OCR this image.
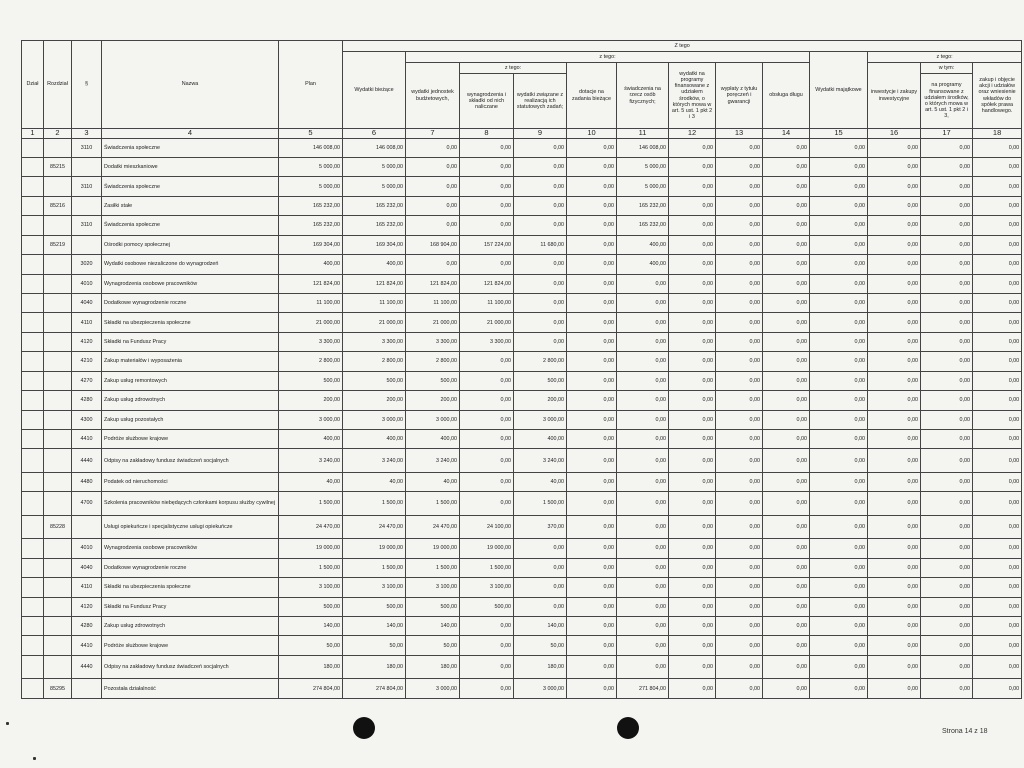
Dział	Rozdział	§	Nazwa	Plan	Z tego												
					Wydatki bieżące	z tego:								Wydatki majątkowe	z tego:		
						wydatki jednostek budżetowych,	z tego:		dotacje na zadania bieżące	świadczenia na rzecz osób fizycznych;	wydatki na programy finansowane z udziałem środków, o których mowa w art. 5 ust. 1 pkt 2 i 3	wypłaty z tytułu poręczeń i gwarancji	obsługa długu		inwestycje i zakupy inwestycyjne	w tym:	zakup i objęcie akcji i udziałów oraz wniesienie wkładów do spółek prawa handlowego.
							wynagrodzenia i składki od nich naliczane	wydatki związane z realizacją ich statutowych zadań;								na programy finansowane z udziałem środków, o których mowa w art. 5 ust. 1 pkt 2 i 3,	
1	2	3	4	5	6	7	8	9	10	11	12	13	14	15	16	17	18
		3110	Świadczenia społeczne	146 008,00	146 008,00	0,00	0,00	0,00	0,00	146 008,00	0,00	0,00	0,00	0,00	0,00	0,00	0,00
	85215		Dodatki mieszkaniowe	5 000,00	5 000,00	0,00	0,00	0,00	0,00	5 000,00	0,00	0,00	0,00	0,00	0,00	0,00	0,00
		3110	Świadczenia społeczne	5 000,00	5 000,00	0,00	0,00	0,00	0,00	5 000,00	0,00	0,00	0,00	0,00	0,00	0,00	0,00
	85216		Zasiłki stałe	165 232,00	165 232,00	0,00	0,00	0,00	0,00	165 232,00	0,00	0,00	0,00	0,00	0,00	0,00	0,00
		3110	Świadczenia społeczne	165 232,00	165 232,00	0,00	0,00	0,00	0,00	165 232,00	0,00	0,00	0,00	0,00	0,00	0,00	0,00
	85219		Ośrodki pomocy społecznej	169 304,00	169 304,00	168 904,00	157 224,00	11 680,00	0,00	400,00	0,00	0,00	0,00	0,00	0,00	0,00	0,00
		3020	Wydatki osobowe niezaliczone do wynagrodzeń	400,00	400,00	0,00	0,00	0,00	0,00	400,00	0,00	0,00	0,00	0,00	0,00	0,00	0,00
		4010	Wynagrodzenia osobowe pracowników	121 824,00	121 824,00	121 824,00	121 824,00	0,00	0,00	0,00	0,00	0,00	0,00	0,00	0,00	0,00	0,00
		4040	Dodatkowe wynagrodzenie roczne	11 100,00	11 100,00	11 100,00	11 100,00	0,00	0,00	0,00	0,00	0,00	0,00	0,00	0,00	0,00	0,00
		4110	Składki na ubezpieczenia społeczne	21 000,00	21 000,00	21 000,00	21 000,00	0,00	0,00	0,00	0,00	0,00	0,00	0,00	0,00	0,00	0,00
		4120	Składki na Fundusz Pracy	3 300,00	3 300,00	3 300,00	3 300,00	0,00	0,00	0,00	0,00	0,00	0,00	0,00	0,00	0,00	0,00
		4210	Zakup materiałów i wyposażenia	2 800,00	2 800,00	2 800,00	0,00	2 800,00	0,00	0,00	0,00	0,00	0,00	0,00	0,00	0,00	0,00
		4270	Zakup usług remontowych	500,00	500,00	500,00	0,00	500,00	0,00	0,00	0,00	0,00	0,00	0,00	0,00	0,00	0,00
		4280	Zakup usług zdrowotnych	200,00	200,00	200,00	0,00	200,00	0,00	0,00	0,00	0,00	0,00	0,00	0,00	0,00	0,00
		4300	Zakup usług pozostałych	3 000,00	3 000,00	3 000,00	0,00	3 000,00	0,00	0,00	0,00	0,00	0,00	0,00	0,00	0,00	0,00
		4410	Podróże służbowe krajowe	400,00	400,00	400,00	0,00	400,00	0,00	0,00	0,00	0,00	0,00	0,00	0,00	0,00	0,00
		4440	Odpisy na zakładowy fundusz świadczeń socjalnych	3 240,00	3 240,00	3 240,00	0,00	3 240,00	0,00	0,00	0,00	0,00	0,00	0,00	0,00	0,00	0,00
		4480	Podatek od nieruchomości	40,00	40,00	40,00	0,00	40,00	0,00	0,00	0,00	0,00	0,00	0,00	0,00	0,00	0,00
		4700	Szkolenia pracowników niebędących członkami korpusu służby cywilnej	1 500,00	1 500,00	1 500,00	0,00	1 500,00	0,00	0,00	0,00	0,00	0,00	0,00	0,00	0,00	0,00
	85228		Usługi opiekuńcze i specjalistyczne usługi opiekuńcze	24 470,00	24 470,00	24 470,00	24 100,00	370,00	0,00	0,00	0,00	0,00	0,00	0,00	0,00	0,00	0,00
		4010	Wynagrodzenia osobowe pracowników	19 000,00	19 000,00	19 000,00	19 000,00	0,00	0,00	0,00	0,00	0,00	0,00	0,00	0,00	0,00	0,00
		4040	Dodatkowe wynagrodzenie roczne	1 500,00	1 500,00	1 500,00	1 500,00	0,00	0,00	0,00	0,00	0,00	0,00	0,00	0,00	0,00	0,00
		4110	Składki na ubezpieczenia społeczne	3 100,00	3 100,00	3 100,00	3 100,00	0,00	0,00	0,00	0,00	0,00	0,00	0,00	0,00	0,00	0,00
		4120	Składki na Fundusz Pracy	500,00	500,00	500,00	500,00	0,00	0,00	0,00	0,00	0,00	0,00	0,00	0,00	0,00	0,00
		4280	Zakup usług zdrowotnych	140,00	140,00	140,00	0,00	140,00	0,00	0,00	0,00	0,00	0,00	0,00	0,00	0,00	0,00
		4410	Podróże służbowe krajowe	50,00	50,00	50,00	0,00	50,00	0,00	0,00	0,00	0,00	0,00	0,00	0,00	0,00	0,00
		4440	Odpisy na zakładowy fundusz świadczeń socjalnych	180,00	180,00	180,00	0,00	180,00	0,00	0,00	0,00	0,00	0,00	0,00	0,00	0,00	0,00
	85295		Pozostała działalność	274 804,00	274 804,00	3 000,00	0,00	3 000,00	0,00	271 804,00	0,00	0,00	0,00	0,00	0,00	0,00	0,00
Strona 14 z 18
